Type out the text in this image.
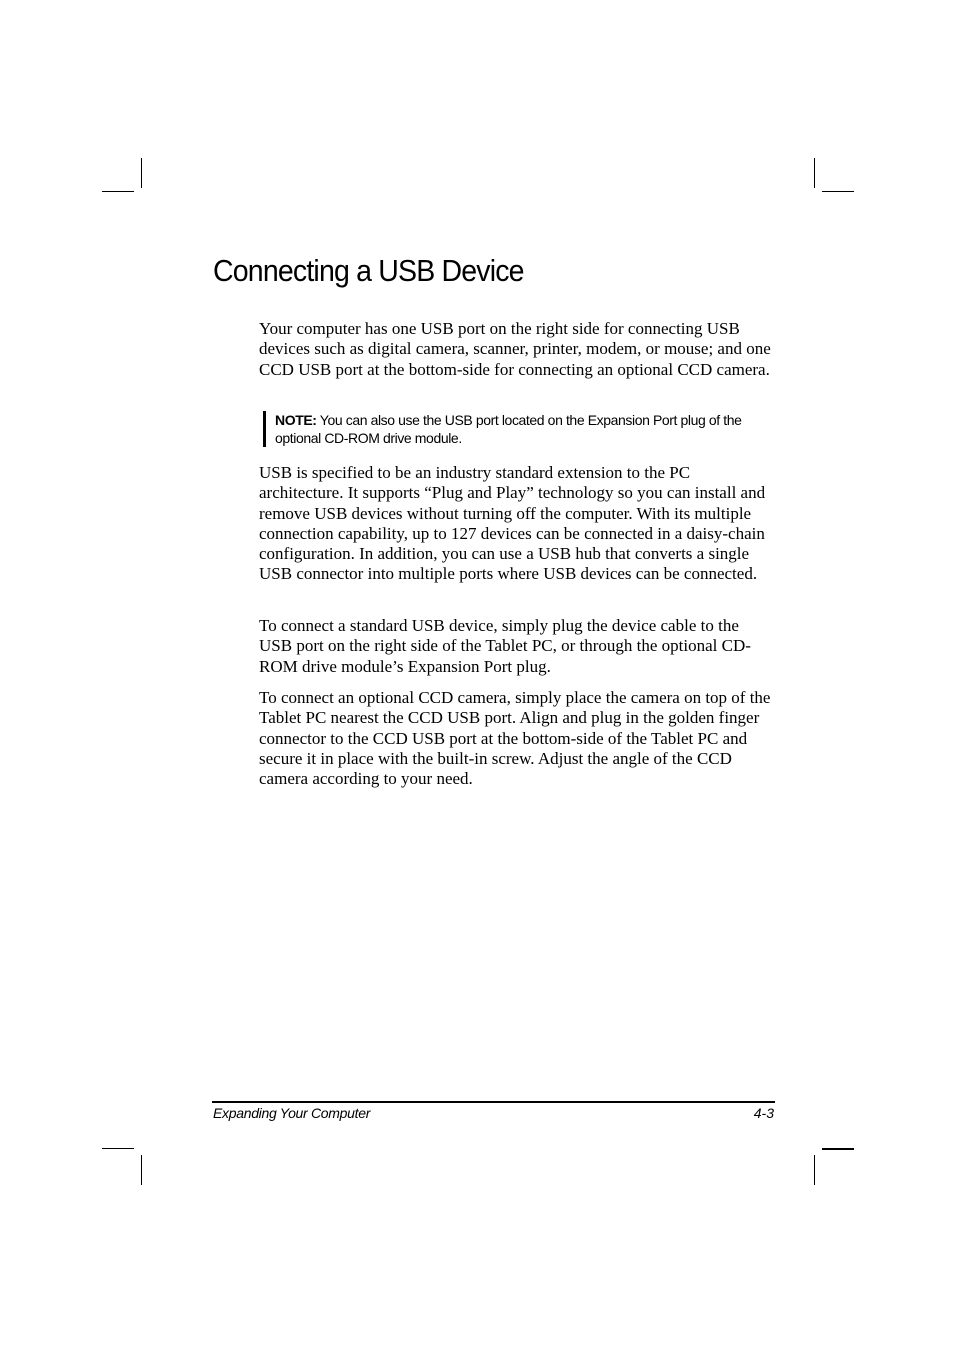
Connecting a USB Device

Your computer has one USB port on the right side for connecting USB devices such as digital camera, scanner, printer, modem, or mouse; and one CCD USB port at the bottom-side for connecting an optional CCD camera.

NOTE: You can also use the USB port located on the Expansion Port plug of the optional CD-ROM drive module.

USB is specified to be an industry standard extension to the PC architecture. It supports “Plug and Play” technology so you can install and remove USB devices without turning off the computer. With its multiple connection capability, up to 127 devices can be connected in a daisy-chain configuration. In addition, you can use a USB hub that converts a single USB connector into multiple ports where USB devices can be connected.

To connect a standard USB device, simply plug the device cable to the USB port on the right side of the Tablet PC, or through the optional CD-ROM drive module’s Expansion Port plug.

To connect an optional CCD camera, simply place the camera on top of the Tablet PC nearest the CCD USB port. Align and plug in the golden finger connector to the CCD USB port at the bottom-side of the Tablet PC and secure it in place with the built-in screw. Adjust the angle of the CCD camera according to your need.

Expanding Your Computer	4-3
